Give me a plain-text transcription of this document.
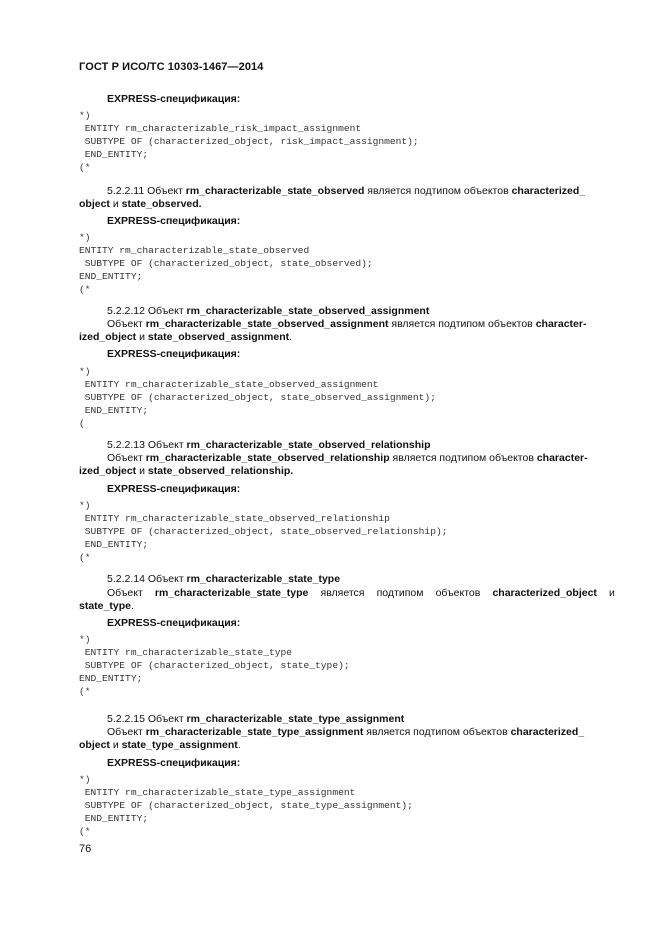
ГОСТ Р ИСО/ТС 10303-1467—2014
EXPRESS-спецификация:
*)
ENTITY rm_characterizable_risk_impact_assignment
SUBTYPE OF (characterized_object, risk_impact_assignment);
END_ENTITY;
(*
5.2.2.11 Объект rm_characterizable_state_observed является подтипом объектов characterized_
object и state_observed.
EXPRESS-спецификация:
*)
ENTITY rm_characterizable_state_observed
SUBTYPE OF (characterized_object, state_observed);
END_ENTITY;
(*
5.2.2.12 Объект rm_characterizable_state_observed_assignment
Объект rm_characterizable_state_observed_assignment является подтипом объектов character-
ized_object и state_observed_assignment.
EXPRESS-спецификация:
*)
ENTITY rm_characterizable_state_observed_assignment
SUBTYPE OF (characterized_object, state_observed_assignment);
END_ENTITY;
(
5.2.2.13 Объект rm_characterizable_state_observed_relationship
Объект rm_characterizable_state_observed_relationship является подтипом объектов character-
ized_object и state_observed_relationship.
EXPRESS-спецификация:
*)
ENTITY rm_characterizable_state_observed_relationship
SUBTYPE OF (characterized_object, state_observed_relationship);
END_ENTITY;
(*
5.2.2.14 Объект rm_characterizable_state_type
Объект rm_characterizable_state_type является подтипом объектов characterized_object и
state_type.
EXPRESS-спецификация:
*)
ENTITY rm_characterizable_state_type
SUBTYPE OF (characterized_object, state_type);
END_ENTITY;
(*
5.2.2.15 Объект rm_characterizable_state_type_assignment
Объект rm_characterizable_state_type_assignment является подтипом объектов characterized_
object и state_type_assignment.
EXPRESS-спецификация:
*)
ENTITY rm_characterizable_state_type_assignment
SUBTYPE OF (characterized_object, state_type_assignment);
END_ENTITY;
(*
76
